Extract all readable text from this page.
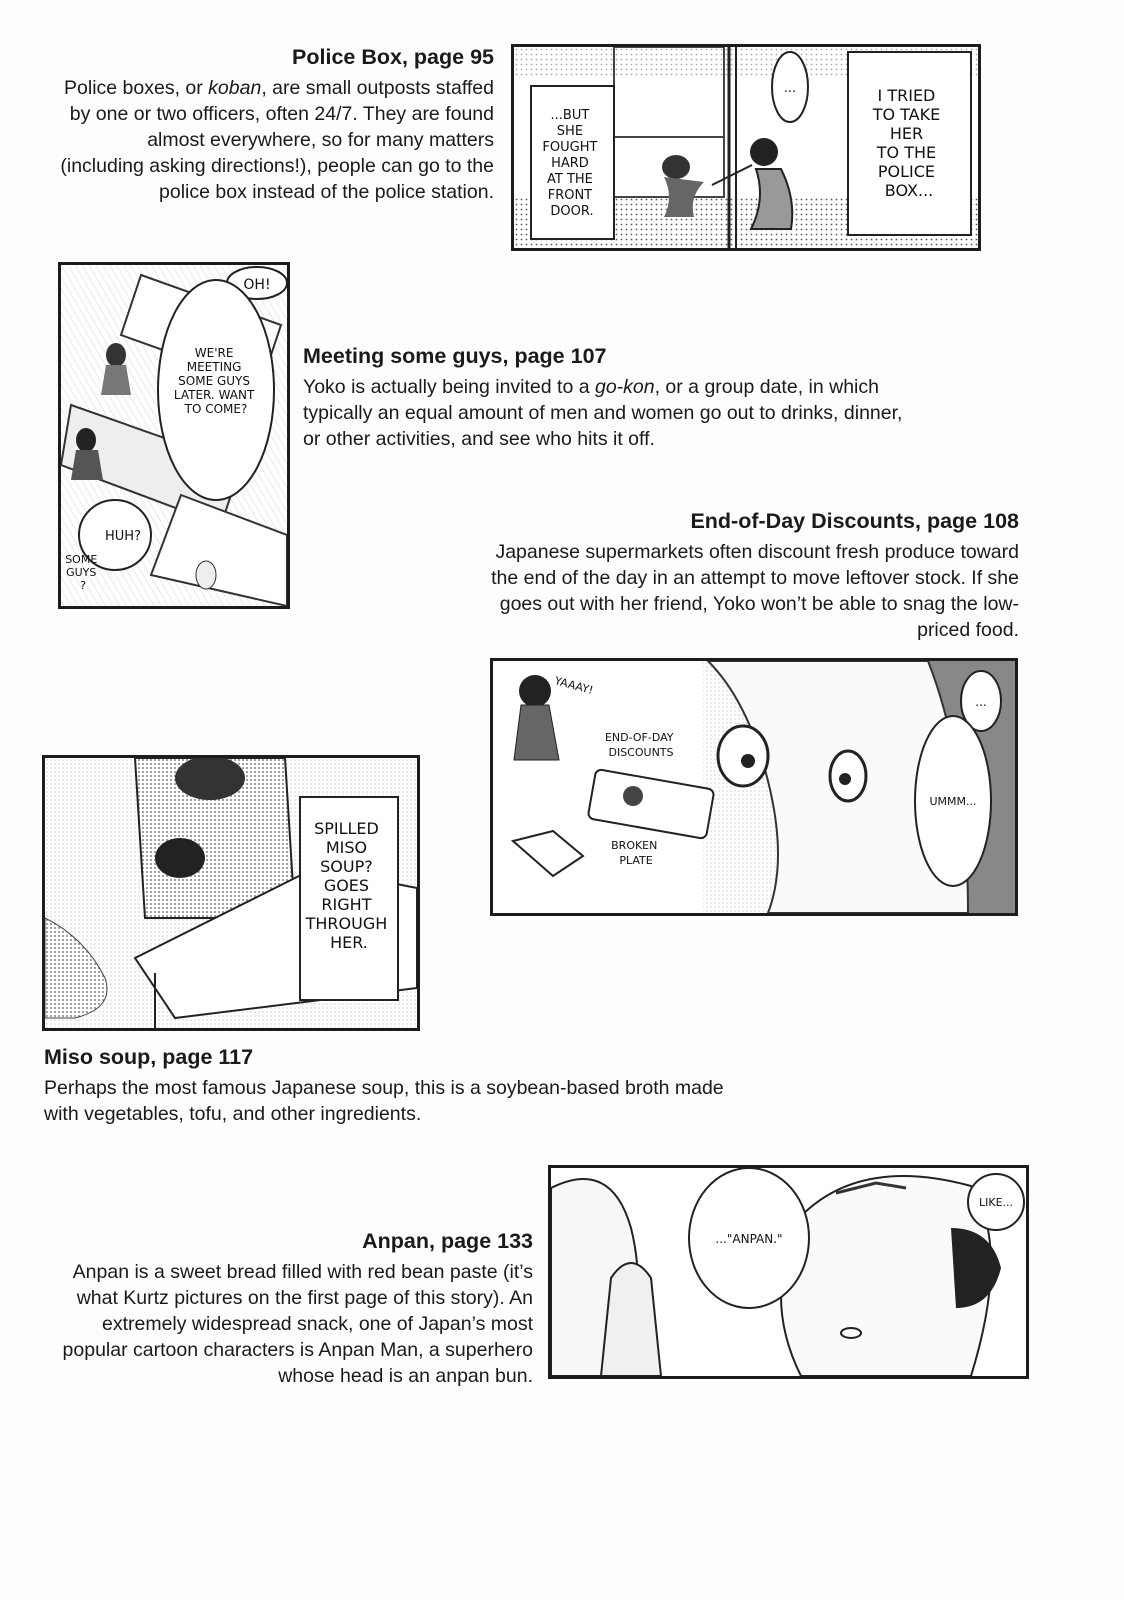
Police Box, page 95

Police boxes, or koban, are small outposts staffed by one or two officers, often 24/7. They are found almost everywhere, so for many matters (including asking directions!), people can go to the police box instead of the police station.

...
...BUT SHE FOUGHT HARD AT THE FRONT DOOR.
I TRIED TO TAKE HER TO THE POLICE BOX...
OH!
WE'RE MEETING SOME GUYS LATER. WANT TO COME?
HUH?
SOME GUYS ?
Meeting some guys, page 107

Yoko is actually being invited to a go-kon, or a group date, in which typically an equal amount of men and women go out to drinks, dinner, or other activities, and see who hits it off.

End-of-Day Discounts, page 108

Japanese supermarkets often discount fresh produce toward the end of the day in an attempt to move leftover stock. If she goes out with her friend, Yoko won’t be able to snag the low-priced food.

YAAAY!
END-OF-DAY DISCOUNTS
BROKEN PLATE
...
UMMM...
SPILLED MISO SOUP? GOES RIGHT THROUGH HER.
Miso soup, page 117

Perhaps the most famous Japanese soup, this is a soybean-based broth made with vegetables, tofu, and other ingredients.

Anpan, page 133

Anpan is a sweet bread filled with red bean paste (it’s what Kurtz pictures on the first page of this story). An extremely widespread snack, one of Japan’s most popular cartoon characters is Anpan Man, a superhero whose head is an anpan bun.

..."ANPAN."
LIKE...
